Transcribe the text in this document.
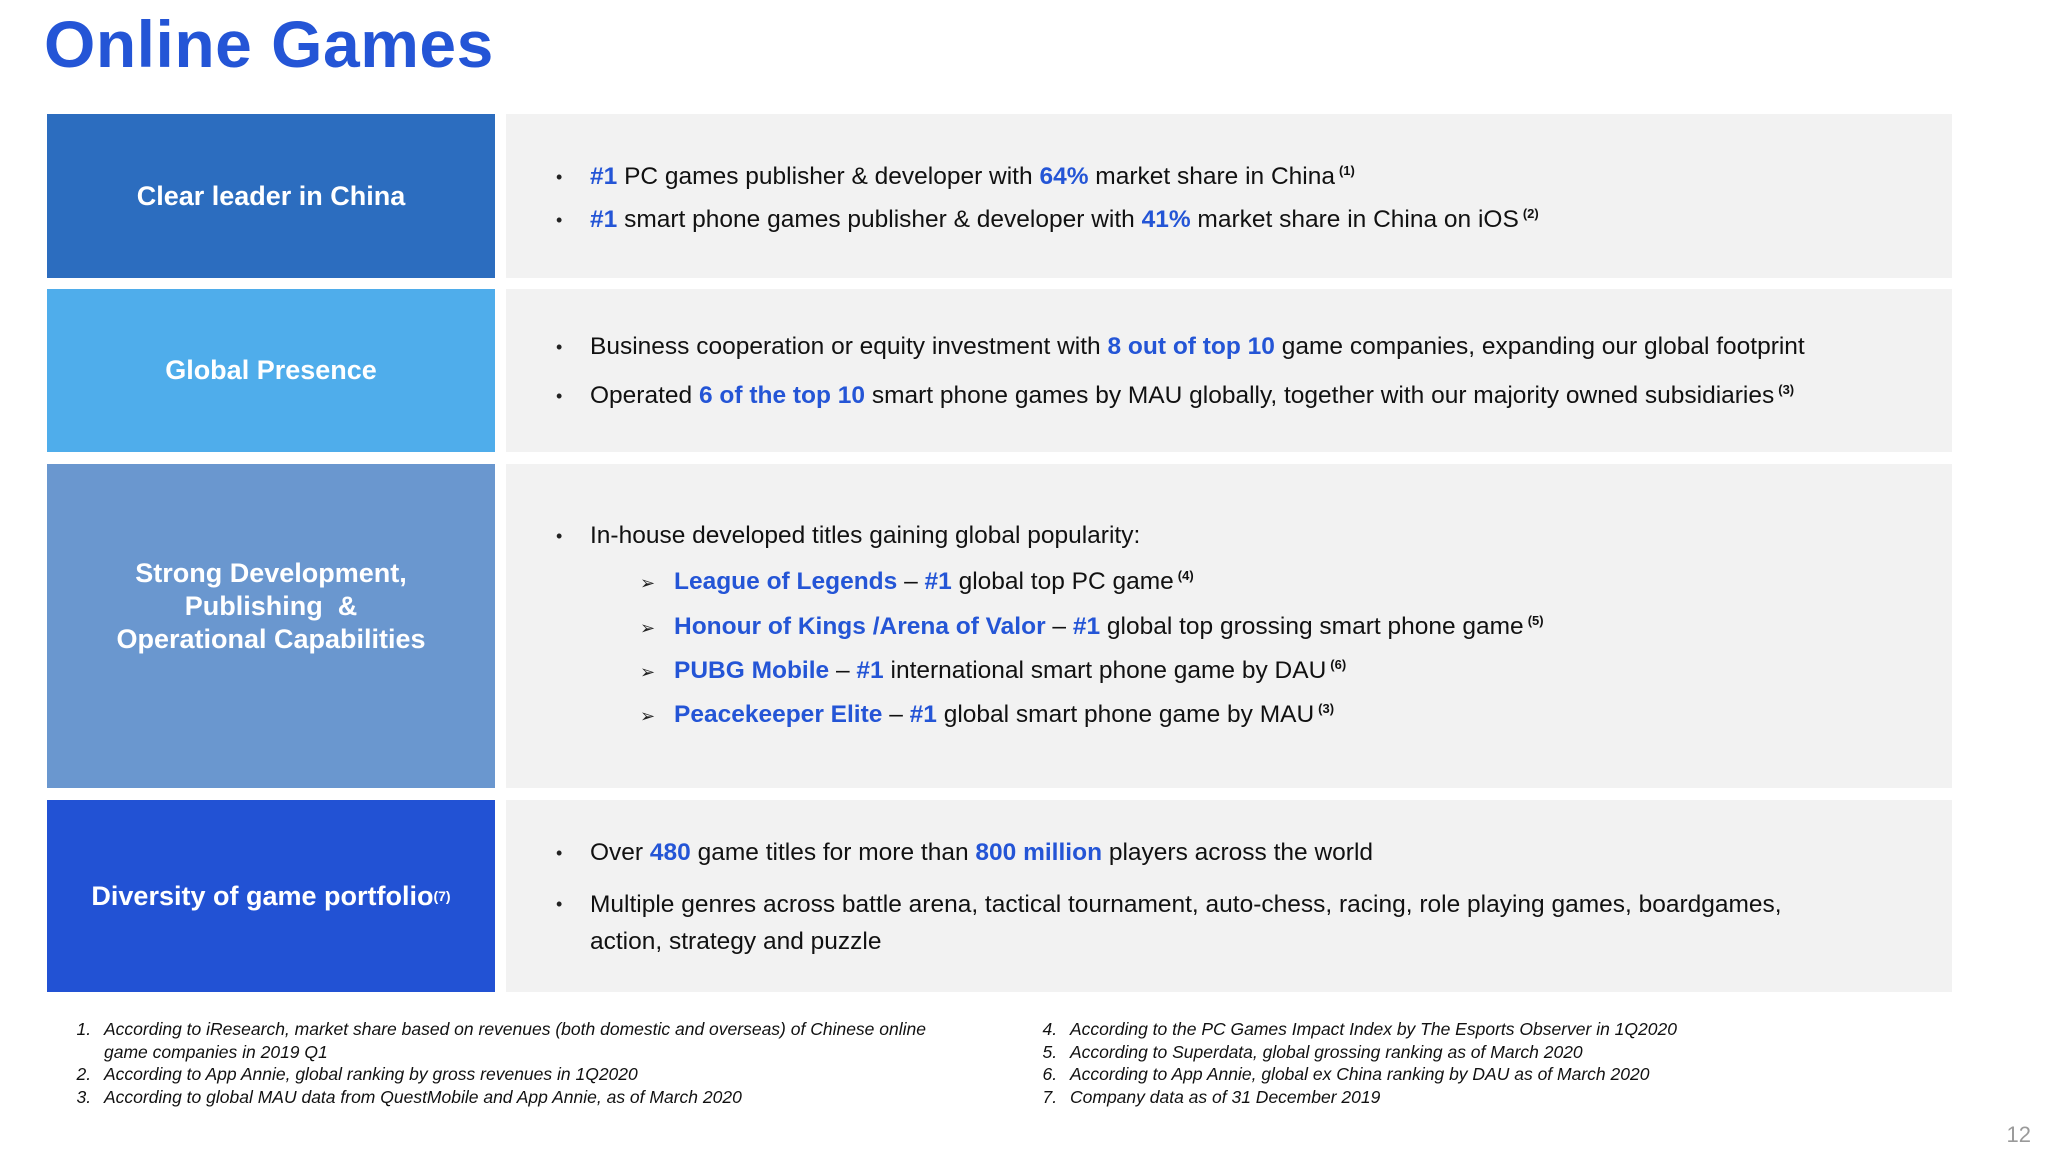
Online Games
Clear leader in China
• #1 PC games publisher & developer with 64% market share in China $^{(1)}$
• #1 smart phone games publisher & developer with 41% market share in China on iOS $^{(2)}$
Global Presence
• Business cooperation or equity investment with 8 out of top 10 game companies, expanding our global footprint
• Operated 6 of the top 10 smart phone games by MAU globally, together with our majority owned subsidiaries $^{(3)}$
Strong Development,
Publishing  &
Operational Capabilities
• In-house developed titles gaining global popularity:
➢ League of Legends – #1 global top PC game $^{(4)}$
➢ Honour of Kings /Arena of Valor – #1 global top grossing smart phone game $^{(5)}$
➢ PUBG Mobile – #1 international smart phone game by DAU $^{(6)}$
➢ Peacekeeper Elite – #1 global smart phone game by MAU $^{(3)}$
Diversity of game portfolio (7)
• Over 480 game titles for more than 800 million players across the world
• Multiple genres across battle arena, tactical tournament, auto-chess, racing, role playing games, boardgames, action, strategy and puzzle
1. According to iResearch, market share based on revenues (both domestic and overseas) of Chinese online game companies in 2019 Q1
2. According to App Annie, global ranking by gross revenues in 1Q2020
3. According to global MAU data from QuestMobile and App Annie, as of March 2020
4. According to the PC Games Impact Index by The Esports Observer in 1Q2020
5. According to Superdata, global grossing ranking as of March 2020
6. According to App Annie, global ex China ranking by DAU as of March 2020
7. Company data as of 31 December 2019
12
